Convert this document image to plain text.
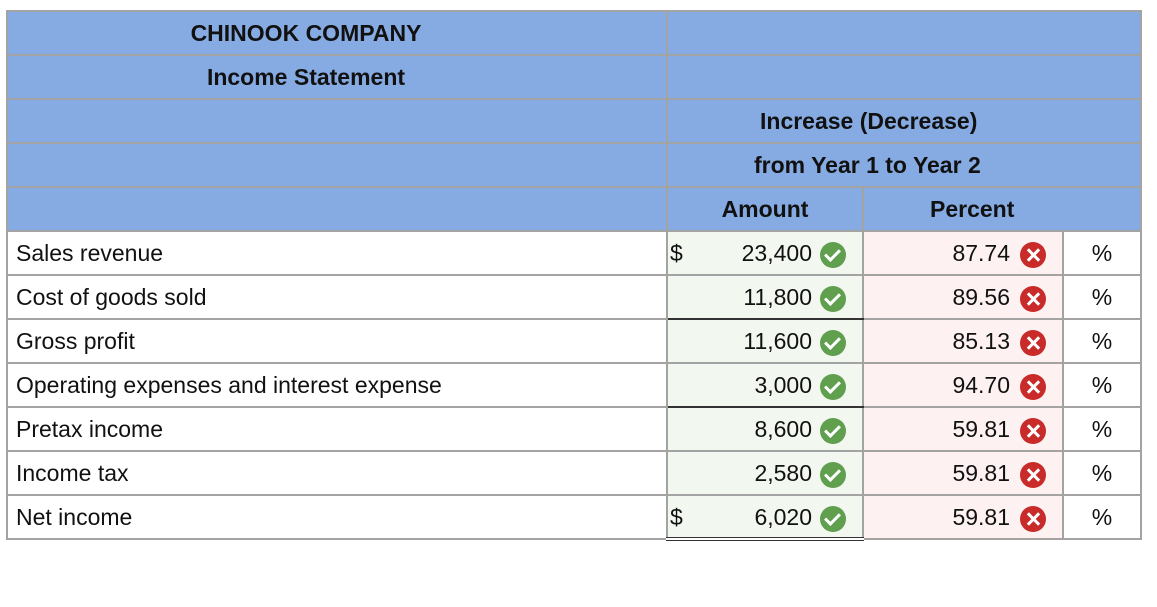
CHINOOK COMPANY			
Income Statement			
	Increase (Decrease)		
	from Year 1 to Year 2		
	Amount	Percent	
Sales revenue	$ 23,400	87.74	%
Cost of goods sold	11,800	89.56	%
Gross profit	11,600	85.13	%
Operating expenses and interest expense	3,000	94.70	%
Pretax income	8,600	59.81	%
Income tax	2,580	59.81	%
Net income	$ 6,020	59.81	%
